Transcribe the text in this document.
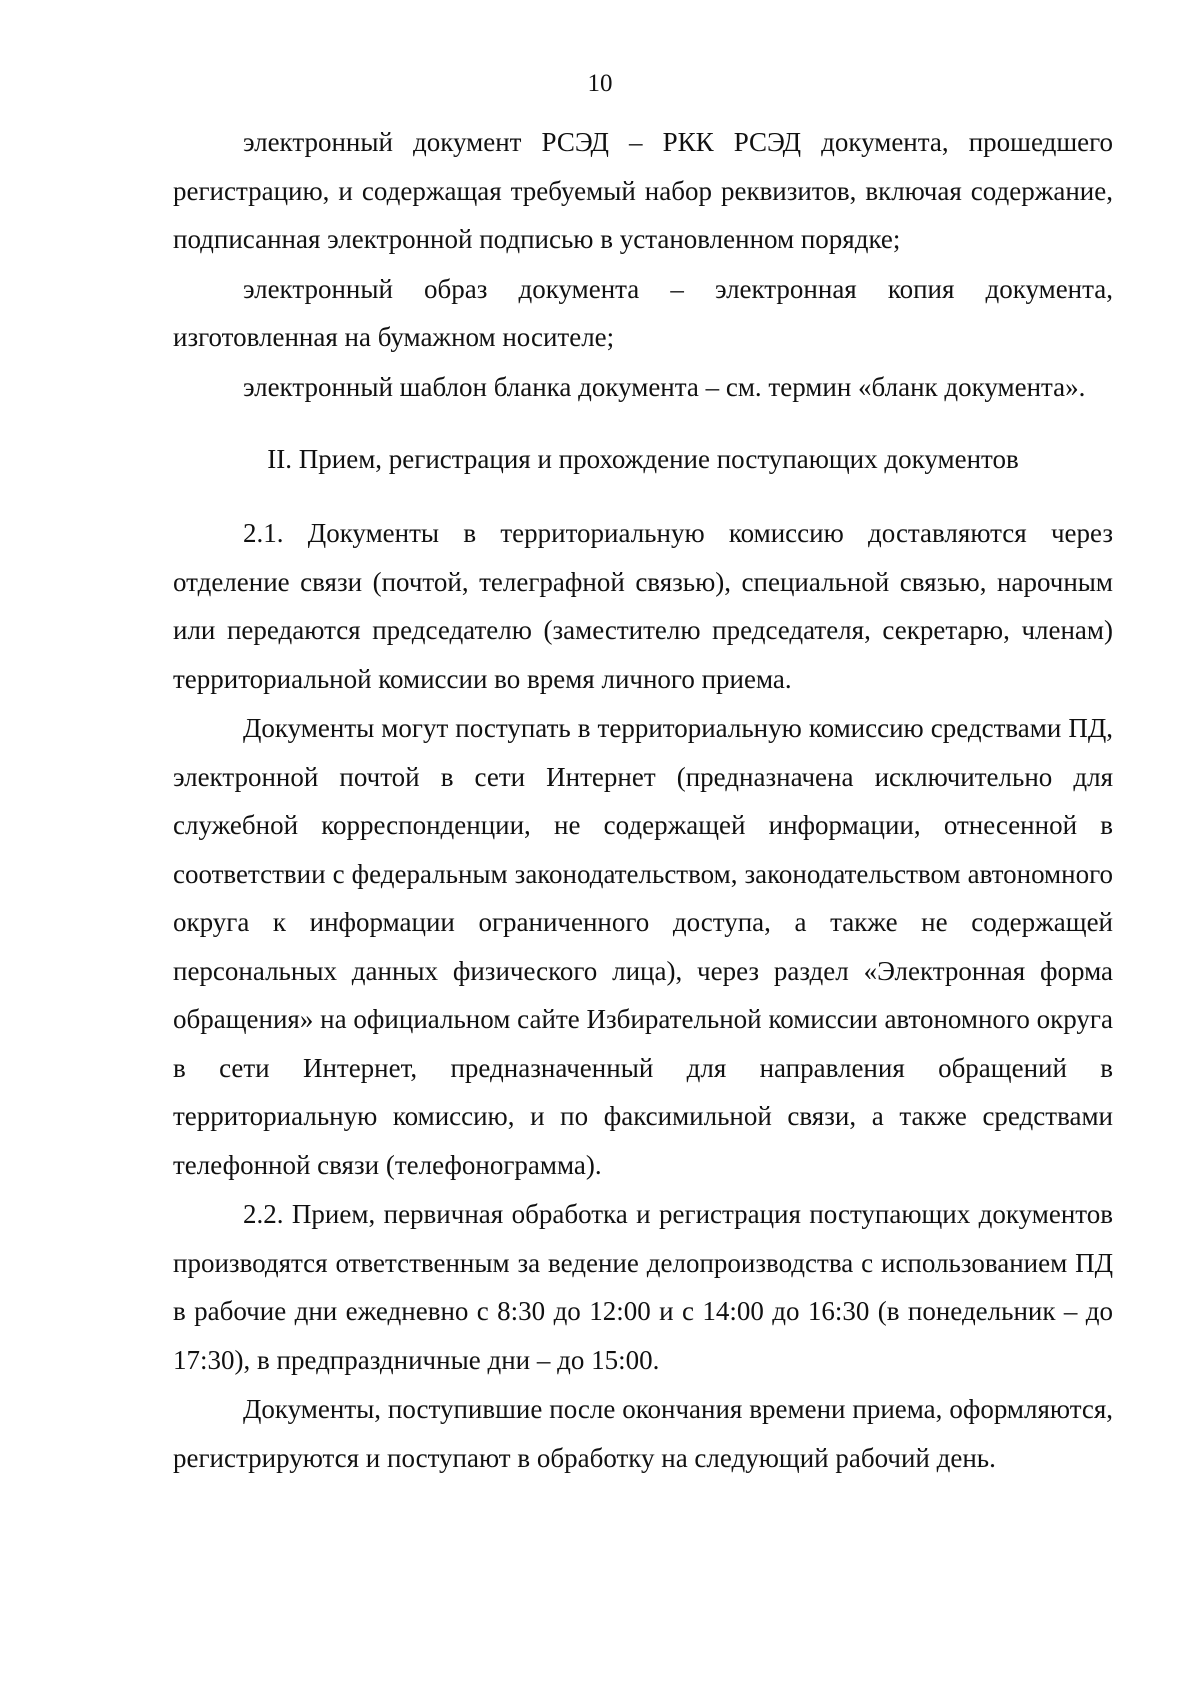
10

электронный документ РСЭД – РКК РСЭД документа, прошедшего регистрацию, и содержащая требуемый набор реквизитов, включая содержание, подписанная электронной подписью в установленном порядке;

электронный образ документа – электронная копия документа, изготовленная на бумажном носителе;

электронный шаблон бланка документа – см. термин «бланк документа».

II. Прием, регистрация и прохождение поступающих документов

2.1. Документы в территориальную комиссию доставляются через отделение связи (почтой, телеграфной связью), специальной связью, нарочным или передаются председателю (заместителю председателя, секретарю, членам) территориальной комиссии во время личного приема.

Документы могут поступать в территориальную комиссию средствами ПД, электронной почтой в сети Интернет (предназначена исключительно для служебной корреспонденции, не содержащей информации, отнесенной в соответствии с федеральным законодательством, законодательством автономного округа к информации ограниченного доступа, а также не содержащей персональных данных физического лица), через раздел «Электронная форма обращения» на официальном сайте Избирательной комиссии автономного округа в сети Интернет, предназначенный для направления обращений в территориальную комиссию, и по факсимильной связи, а также средствами телефонной связи (телефонограмма).

2.2. Прием, первичная обработка и регистрация поступающих документов производятся ответственным за ведение делопроизводства с использованием ПД в рабочие дни ежедневно с 8:30 до 12:00 и с 14:00 до 16:30 (в понедельник – до 17:30), в предпраздничные дни – до 15:00.

Документы, поступившие после окончания времени приема, оформляются, регистрируются и поступают в обработку на следующий рабочий день.
